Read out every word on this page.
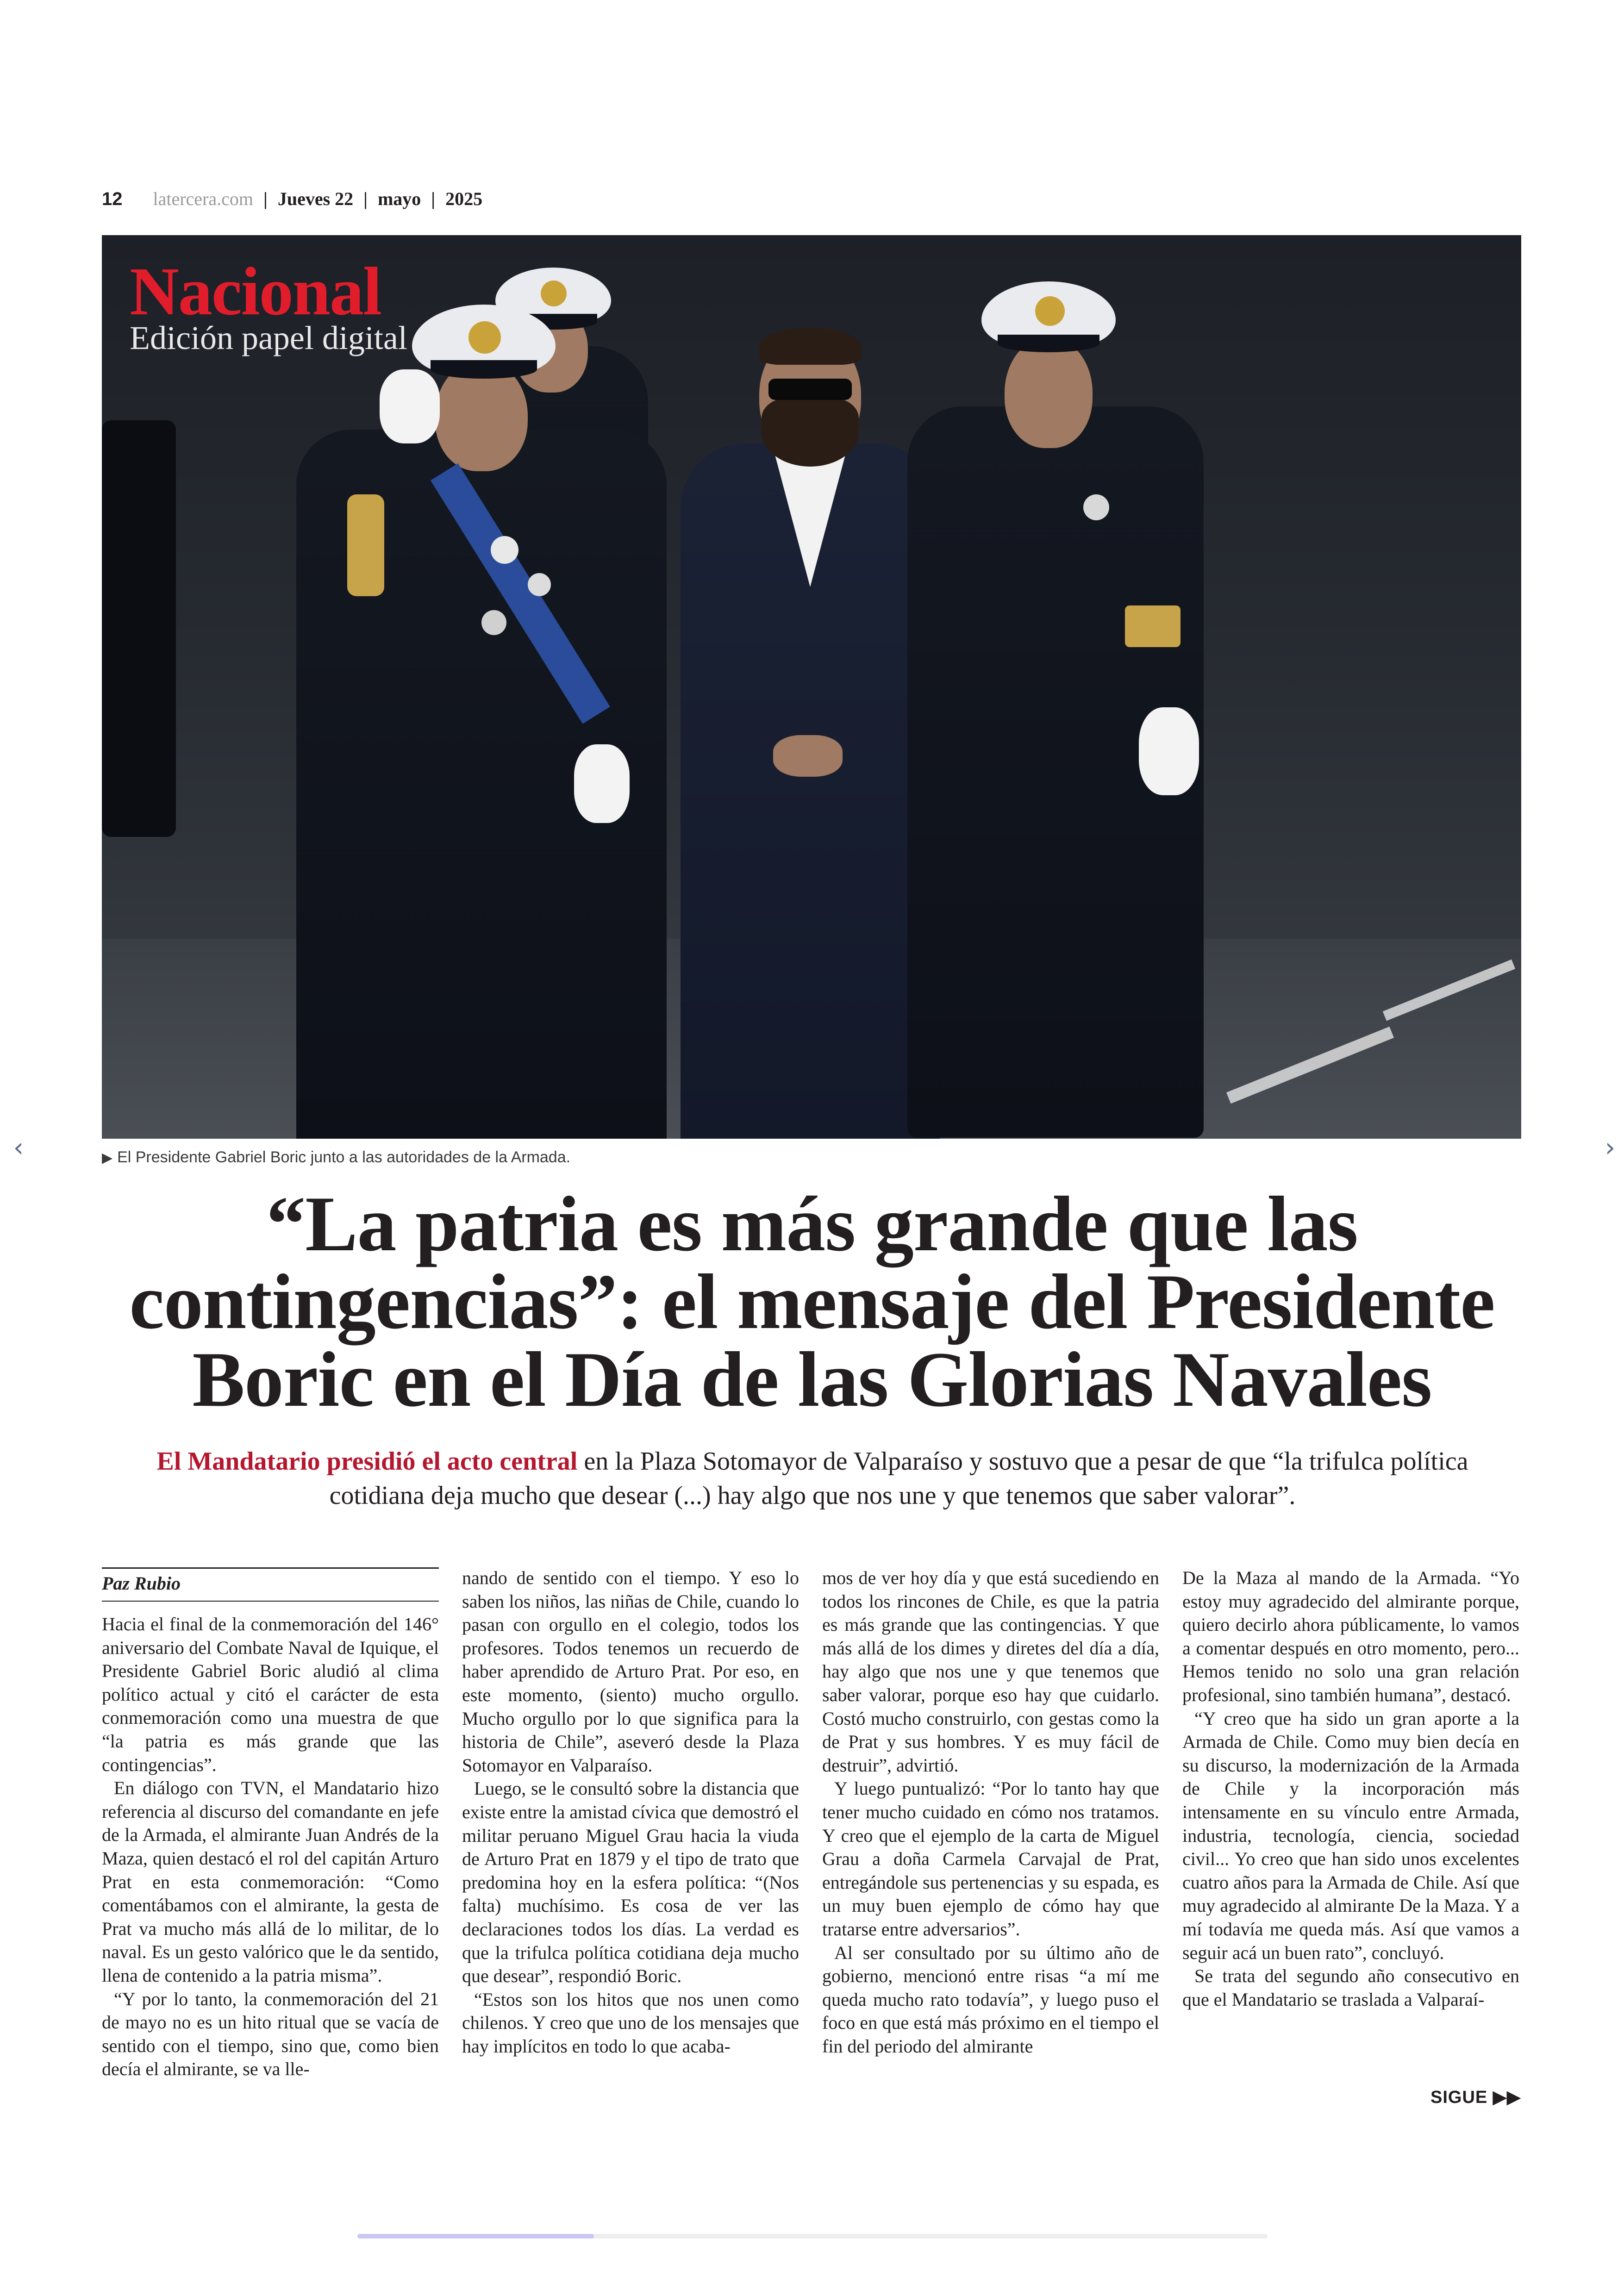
12 latercera.com | Jueves 22 | mayo | 2025
Nacional
Edición papel digital
▶ El Presidente Gabriel Boric junto a las autoridades de la Armada.
“La patria es más grande que las contingencias”: el mensaje del Presidente Boric en el Día de las Glorias Navales
El Mandatario presidió el acto central en la Plaza Sotomayor de Valparaíso y sostuvo que a pesar de que “la trifulca política cotidiana deja mucho que desear (...) hay algo que nos une y que tenemos que saber valorar”.
Paz Rubio

Hacia el final de la conmemoración del 146° aniversario del Combate Naval de Iquique, el Presidente Gabriel Boric aludió al clima político actual y citó el carácter de esta conmemoración como una muestra de que “la patria es más grande que las contingencias”.

En diálogo con TVN, el Mandatario hizo referencia al discurso del comandante en jefe de la Armada, el almirante Juan Andrés de la Maza, quien destacó el rol del capitán Arturo Prat en esta conmemoración: “Como comentábamos con el almirante, la gesta de Prat va mucho más allá de lo militar, de lo naval. Es un gesto valórico que le da sentido, llena de contenido a la patria misma”.

“Y por lo tanto, la conmemoración del 21 de mayo no es un hito ritual que se vacía de sentido con el tiempo, sino que, como bien decía el almirante, se va lle-

nando de sentido con el tiempo. Y eso lo saben los niños, las niñas de Chile, cuando lo pasan con orgullo en el colegio, todos los profesores. Todos tenemos un recuerdo de haber aprendido de Arturo Prat. Por eso, en este momento, (siento) mucho orgullo. Mucho orgullo por lo que significa para la historia de Chile”, aseveró desde la Plaza Sotomayor en Valparaíso.

Luego, se le consultó sobre la distancia que existe entre la amistad cívica que demostró el militar peruano Miguel Grau hacia la viuda de Arturo Prat en 1879 y el tipo de trato que predomina hoy en la esfera política: “(Nos falta) muchísimo. Es cosa de ver las declaraciones todos los días. La verdad es que la trifulca política cotidiana deja mucho que desear”, respondió Boric.

“Estos son los hitos que nos unen como chilenos. Y creo que uno de los mensajes que hay implícitos en todo lo que acaba-

mos de ver hoy día y que está sucediendo en todos los rincones de Chile, es que la patria es más grande que las contingencias. Y que más allá de los dimes y diretes del día a día, hay algo que nos une y que tenemos que saber valorar, porque eso hay que cuidarlo. Costó mucho construirlo, con gestas como la de Prat y sus hombres. Y es muy fácil de destruir”, advirtió.

Y luego puntualizó: “Por lo tanto hay que tener mucho cuidado en cómo nos tratamos. Y creo que el ejemplo de la carta de Miguel Grau a doña Carmela Carvajal de Prat, entregándole sus pertenencias y su espada, es un muy buen ejemplo de cómo hay que tratarse entre adversarios”.

Al ser consultado por su último año de gobierno, mencionó entre risas “a mí me queda mucho rato todavía”, y luego puso el foco en que está más próximo en el tiempo el fin del periodo del almirante

De la Maza al mando de la Armada. “Yo estoy muy agradecido del almirante porque, quiero decirlo ahora públicamente, lo vamos a comentar después en otro momento, pero... Hemos tenido no solo una gran relación profesional, sino también humana”, destacó.

“Y creo que ha sido un gran aporte a la Armada de Chile. Como muy bien decía en su discurso, la modernización de la Armada de Chile y la incorporación más intensamente en su vínculo entre Armada, industria, tecnología, ciencia, sociedad civil... Yo creo que han sido unos excelentes cuatro años para la Armada de Chile. Así que muy agradecido al almirante De la Maza. Y a mí todavía me queda más. Así que vamos a seguir acá un buen rato”, concluyó.

Se trata del segundo año consecutivo en que el Mandatario se traslada a Valparaí-

SIGUE ▶▶
‹	›
